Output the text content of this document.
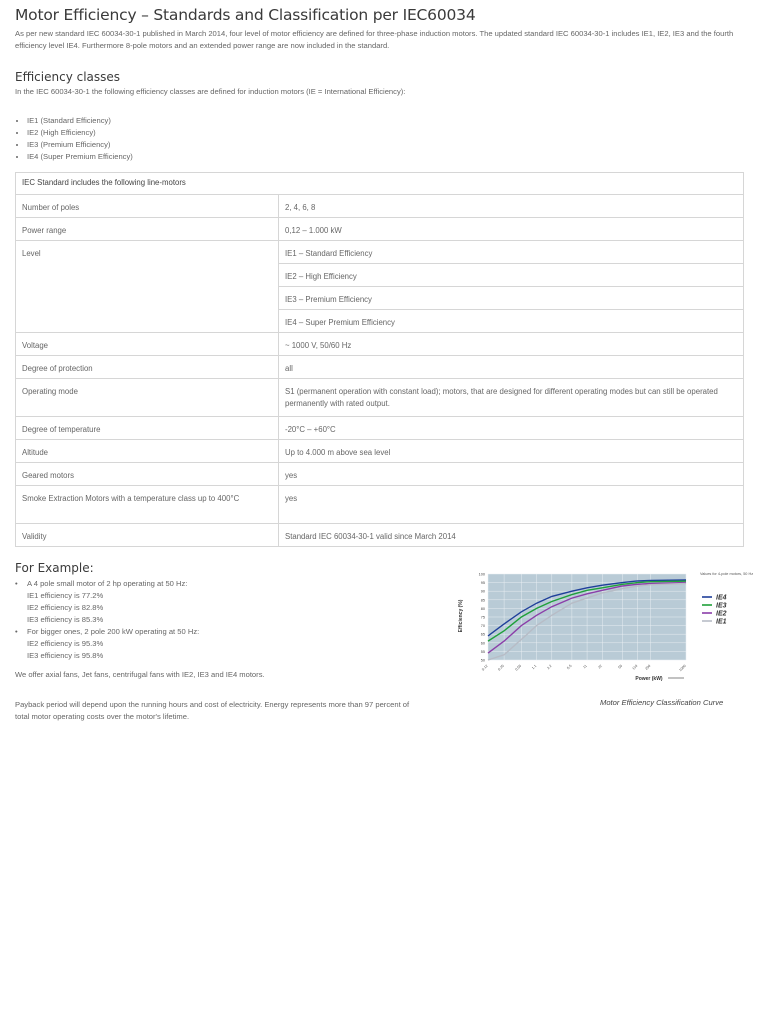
Motor Efficiency – Standards and Classification per IEC60034

As per new standard IEC 60034-30-1 published in March 2014, four level of motor efficiency are defined for three-phase induction motors. The updated standard IEC 60034-30-1 includes IE1, IE2, IE3 and the fourth efficiency level IE4. Furthermore 8-pole motors and an extended power range are now included in the standard.

Efficiency classes

In the IEC 60034-30-1 the following efficiency classes are defined for induction motors (IE = International Efficiency):

• IE1 (Standard Efficiency)
• IE2 (High Efficiency)
• IE3 (Premium Efficiency)
• IE4 (Super Premium Efficiency)
IEC Standard includes the following line-motors	
Number of poles	2, 4, 6, 8
Power range	0,12 – 1.000 kW
Level	IE1 – Standard Efficiency
	IE2 – High Efficiency
	IE3 – Premium Efficiency
	IE4 – Super Premium Efficiency
Voltage	~ 1000 V, 50/60 Hz
Degree of protection	all
Operating mode	S1 (permanent operation with constant load); motors, that are designed for different operating modes but can still be operated permanently with rated output.
Degree of temperature	-20°C – +60°C
Altitude	Up to 4.000 m above sea level
Geared motors	yes
Smoke Extraction Motors with a temperature class up to 400°C	yes
Validity	Standard IEC 60034-30-1 valid since March 2014

For Example:

• A 4 pole small motor of 2 hp operating at 50 Hz:
IE1 efficiency is 77.2%
IE2 efficiency is 82.8%
IE3 efficiency is 85.3%
• For bigger ones, 2 pole 200 kW operating at 50 Hz:
IE2 efficiency is 95.3%
IE3 efficiency is 95.8%

We offer axial fans, Jet fans, centrifugal fans with IE2, IE3 and IE4 motors.

Payback period will depend upon the running hours and cost of electricity. Energy represents more than 97 percent of total motor operating costs over the motor's lifetime.

50
55
60
65
70
75
80
85
90
95
100
0.12 0.25	0.55	1.1	2.2	5.5	11	22	55 110 200	1000
Efficiency (%)
Power (kW)
Values for 4-pole motors, 50 Hz
IE4
IE3
IE2
IE1

Motor Efficiency Classification Curve
